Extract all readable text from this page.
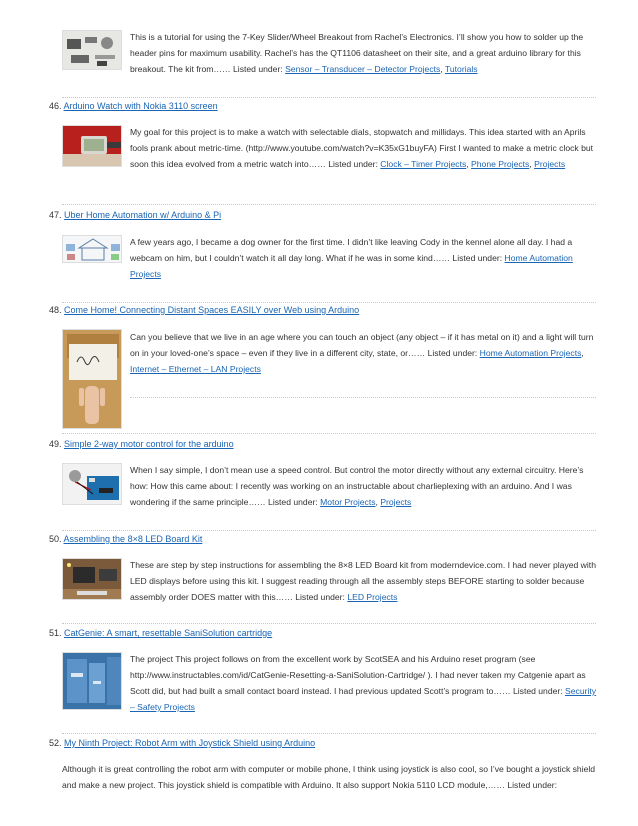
This is a tutorial for using the 7-Key Slider/Wheel Breakout from Rachel’s Electronics. I’ll show you how to solder up the header pins for maximum usability. Rachel’s has the QT1106 datasheet on their site, and a great arduino library for this breakout. The kit from…… Listed under: Sensor – Transducer – Detector Projects, Tutorials
46. Arduino Watch with Nokia 3110 screen
My goal for this project is to make a watch with selectable dials, stopwatch and millidays. This idea started with an Aprils fools prank about metric-time. (http://www.youtube.com/watch?v=K35xG1buyFA) First I wanted to make a metric clock but soon this idea evolved from a metric watch into…… Listed under: Clock – Timer Projects, Phone Projects, Projects
47. Uber Home Automation w/ Arduino & Pi
A few years ago, I became a dog owner for the first time. I didn’t like leaving Cody in the kennel alone all day. I had a webcam on him, but I couldn’t watch it all day long. What if he was in some kind…… Listed under: Home Automation Projects
48. Come Home! Connecting Distant Spaces EASILY over Web using Arduino
Can you believe that we live in an age where you can touch an object (any object – if it has metal on it) and a light will turn on in your loved-one’s space – even if they live in a different city, state, or…… Listed under: Home Automation Projects, Internet – Ethernet – LAN Projects
49. Simple 2-way motor control for the arduino
When I say simple, I don’t mean use a speed control. But control the motor directly without any external circuitry. Here’s how: How this came about: I recently was working on an instructable about charlieplexing with an arduino. And I was wondering if the same principle…… Listed under: Motor Projects, Projects
50. Assembling the 8×8 LED Board Kit
These are step by step instructions for assembling the 8×8 LED Board kit from moderndevice.com. I had never played with LED displays before using this kit. I suggest reading through all the assembly steps BEFORE starting to solder because assembly order DOES matter with this…… Listed under: LED Projects
51. CatGenie: A smart, resettable SaniSolution cartridge
The project This project follows on from the excellent work by ScotSEA and his Arduino reset program (see http://www.instructables.com/id/CatGenie-Resetting-a-SaniSolution-Cartridge/ ). I had never taken my Catgenie apart as Scott did, but had built a small contact board instead. I had previous updated Scott’s program to…… Listed under: Security – Safety Projects
52. My Ninth Project: Robot Arm with Joystick Shield using Arduino
Although it is great controlling the robot arm with computer or mobile phone, I think using joystick is also cool, so I’ve bought a joystick shield and make a new project. This joystick shield is compatible with Arduino. It also support Nokia 5110 LCD module,…… Listed under:
